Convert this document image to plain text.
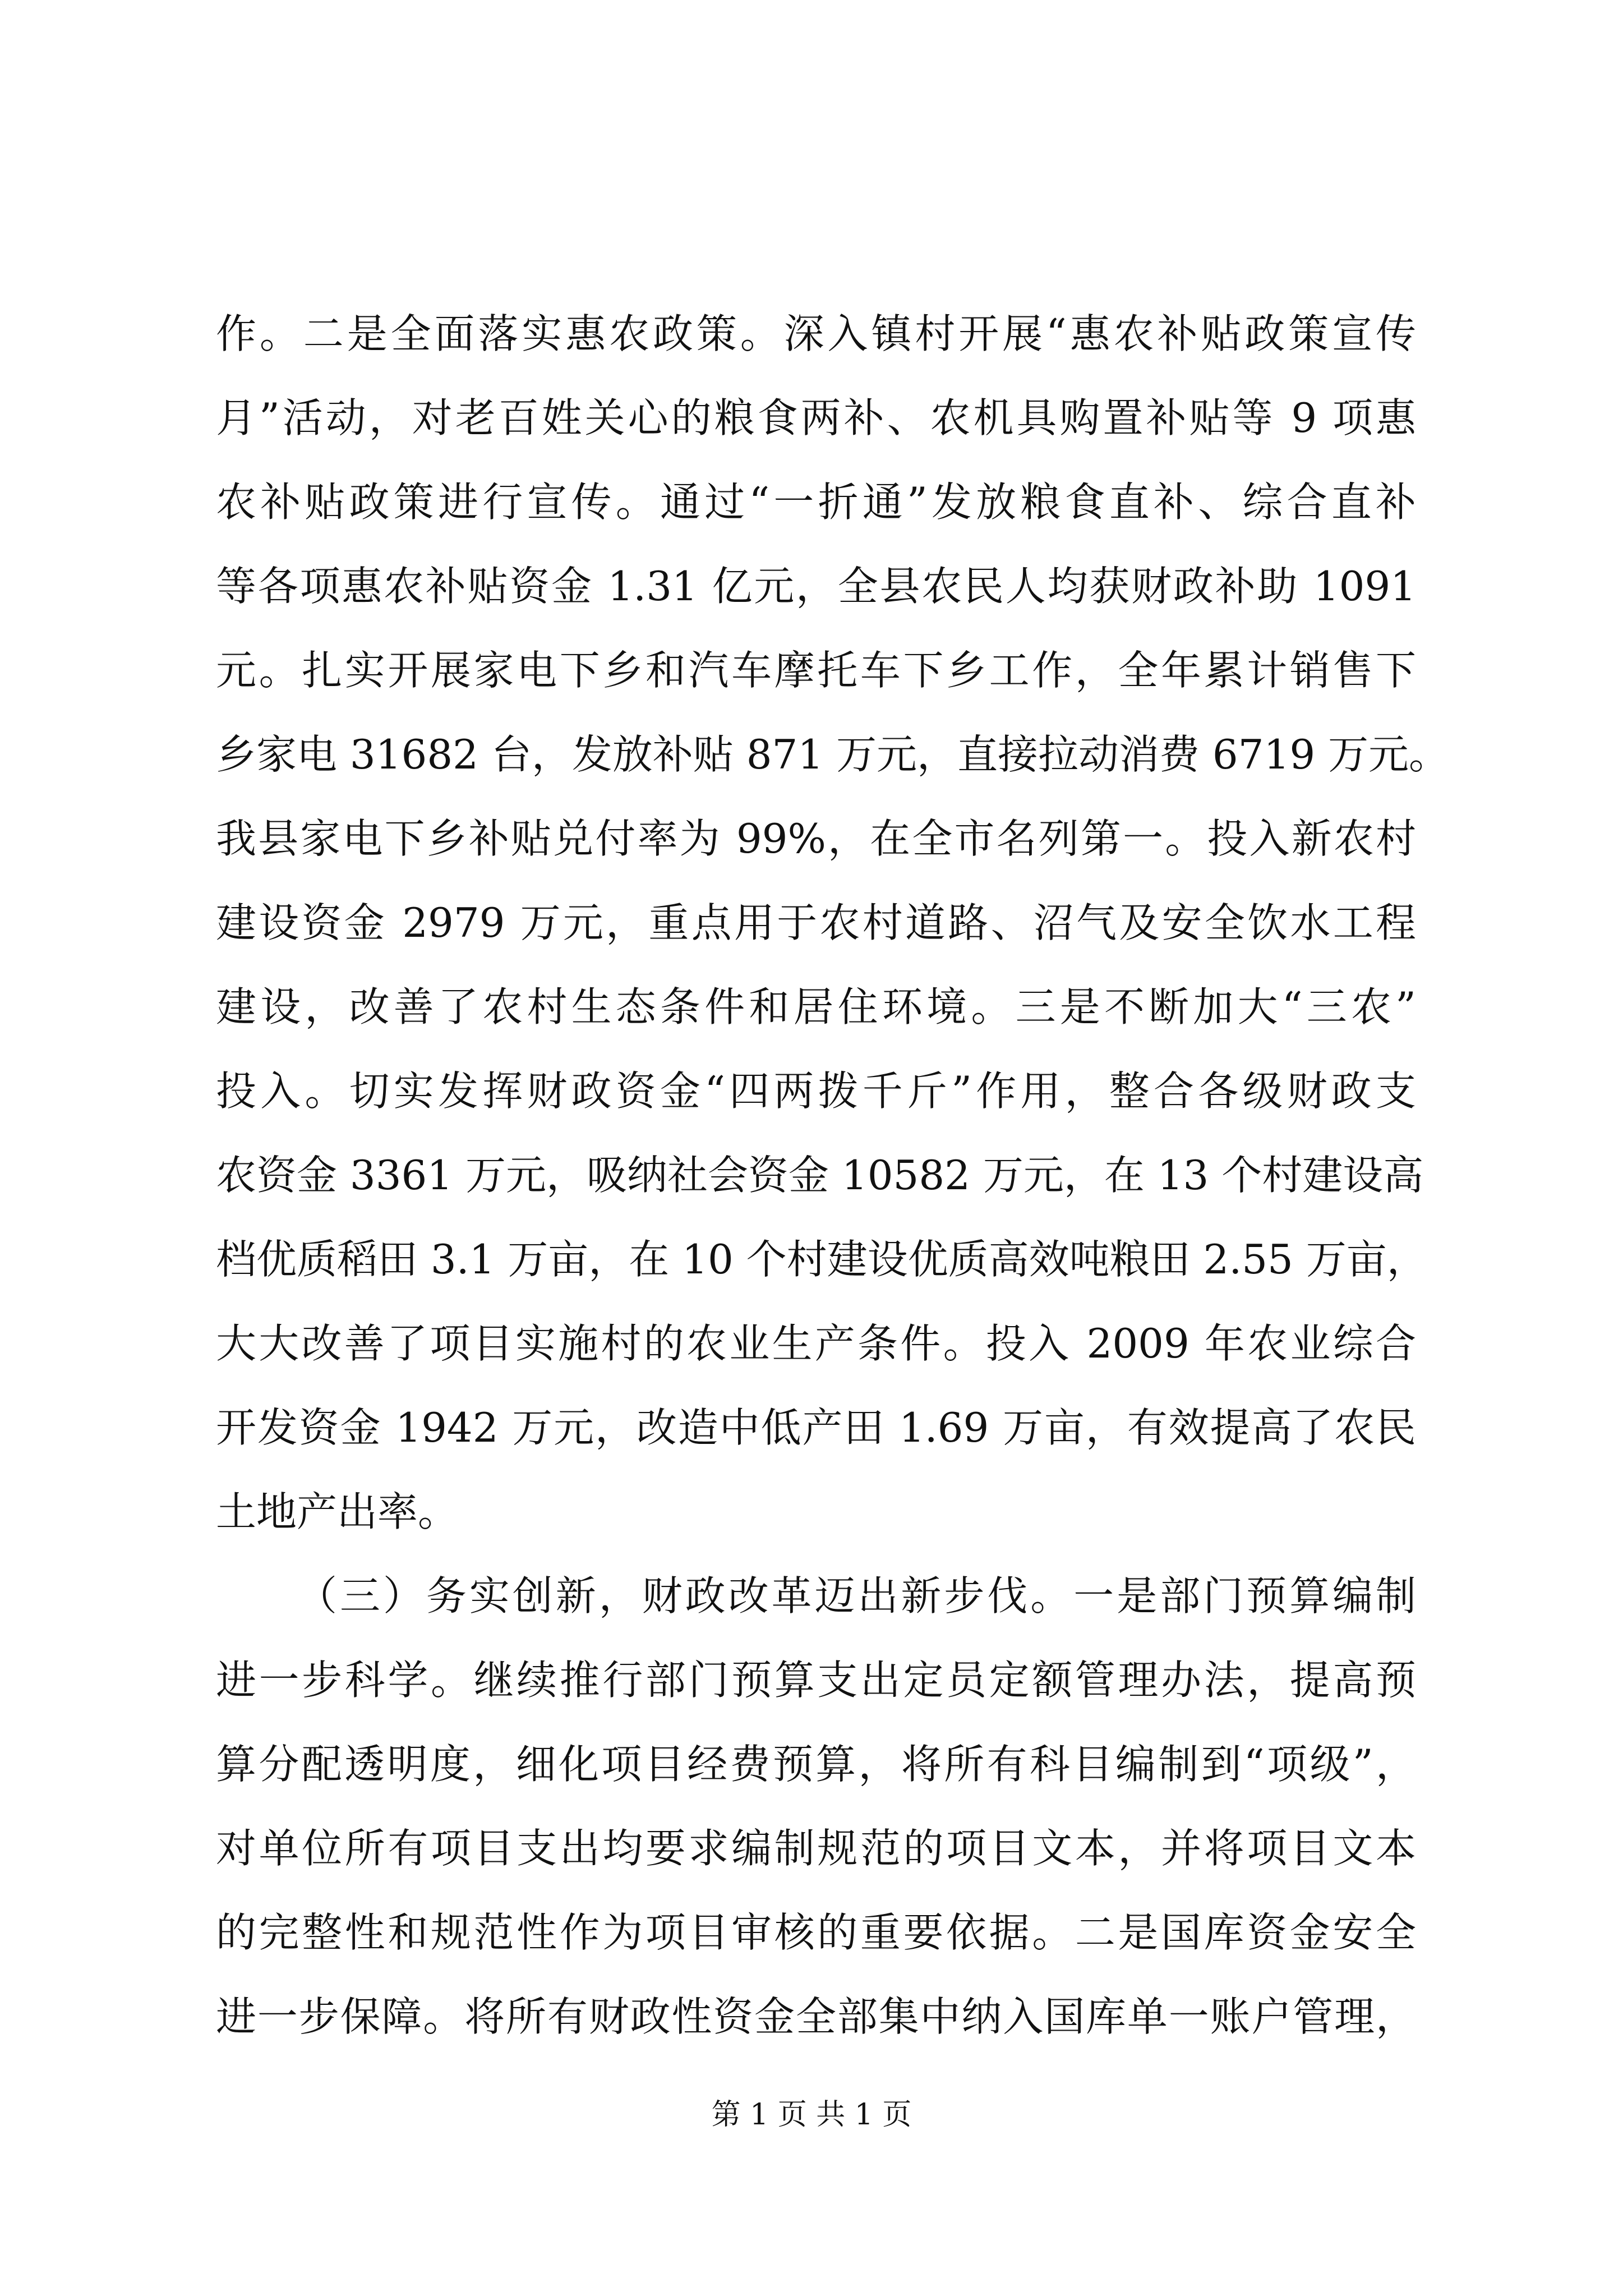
作。二是全面落实惠农政策。深入镇村开展“惠农补贴政策宣传
月”活动，对老百姓关心的粮食两补、农机具购置补贴等 9 项惠
农补贴政策进行宣传。通过“一折通”发放粮食直补、综合直补
等各项惠农补贴资金 1.31 亿元，全县农民人均获财政补助 1091
元。扎实开展家电下乡和汽车摩托车下乡工作，全年累计销售下
乡家电 31682 台，发放补贴 871 万元，直接拉动消费 6719 万元。
我县家电下乡补贴兑付率为 99%，在全市名列第一。投入新农村
建设资金 2979 万元，重点用于农村道路、沼气及安全饮水工程
建设，改善了农村生态条件和居住环境。三是不断加大“三农”
投入。切实发挥财政资金“四两拨千斤”作用，整合各级财政支
农资金 3361 万元，吸纳社会资金 10582 万元，在 13 个村建设高
档优质稻田 3.1 万亩，在 10 个村建设优质高效吨粮田 2.55 万亩，
大大改善了项目实施村的农业生产条件。投入 2009 年农业综合
开发资金 1942 万元，改造中低产田 1.69 万亩，有效提高了农民
土地产出率。
（三）务实创新，财政改革迈出新步伐。一是部门预算编制
进一步科学。继续推行部门预算支出定员定额管理办法，提高预
算分配透明度，细化项目经费预算，将所有科目编制到“项级”，
对单位所有项目支出均要求编制规范的项目文本，并将项目文本
的完整性和规范性作为项目审核的重要依据。二是国库资金安全
进一步保障。将所有财政性资金全部集中纳入国库单一账户管理，
第 1 页 共 1 页
